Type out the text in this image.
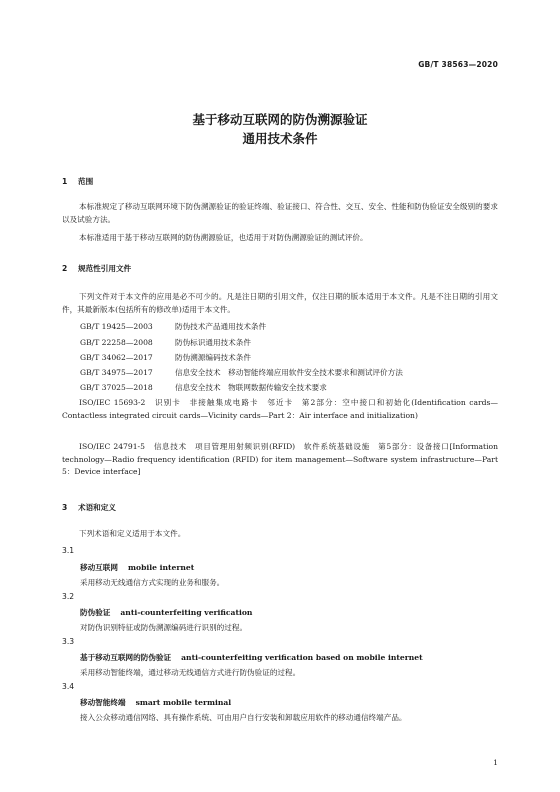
GB/T 38563—2020
基于移动互联网的防伪溯源验证
通用技术条件
1 范围
本标准规定了移动互联网环境下防伪溯源验证的验证终端、验证接口、符合性、交互、安全、性能和防伪验证安全级别的要求以及试验方法。
本标准适用于基于移动互联网的防伪溯源验证，也适用于对防伪溯源验证的测试评价。
2 规范性引用文件
下列文件对于本文件的应用是必不可少的。凡是注日期的引用文件，仅注日期的版本适用于本文件。凡是不注日期的引用文件，其最新版本(包括所有的修改单)适用于本文件。
GB/T 19425—2003	防伪技术产品通用技术条件
GB/T 22258—2008	防伪标识通用技术条件
GB/T 34062—2017	防伪溯源编码技术条件
GB/T 34975—2017	信息安全技术　移动智能终端应用软件安全技术要求和测试评价方法
GB/T 37025—2018	信息安全技术　物联网数据传输安全技术要求
ISO/IEC 15693-2　识别卡　非接触集成电路卡　邻近卡　第2部分：空中接口和初始化(Identification cards—Contactless integrated circuit cards—Vicinity cards—Part 2：Air interface and initialization)
ISO/IEC 24791-5　信息技术　项目管理用射频识别(RFID)　软件系统基础设施　第5部分：设备接口[Information technology—Radio frequency identification (RFID) for item management—Software system infrastructure—Part 5：Device interface]
3 术语和定义
下列术语和定义适用于本文件。
3.1
移动互联网 mobile internet
采用移动无线通信方式实现的业务和服务。
3.2
防伪验证 anti-counterfeiting verification
对防伪识别特征或防伪溯源编码进行识别的过程。
3.3
基于移动互联网的防伪验证 anti-counterfeiting verification based on mobile internet
采用移动智能终端，通过移动无线通信方式进行防伪验证的过程。
3.4
移动智能终端 smart mobile terminal
接入公众移动通信网络、具有操作系统、可由用户自行安装和卸载应用软件的移动通信终端产品。
1
